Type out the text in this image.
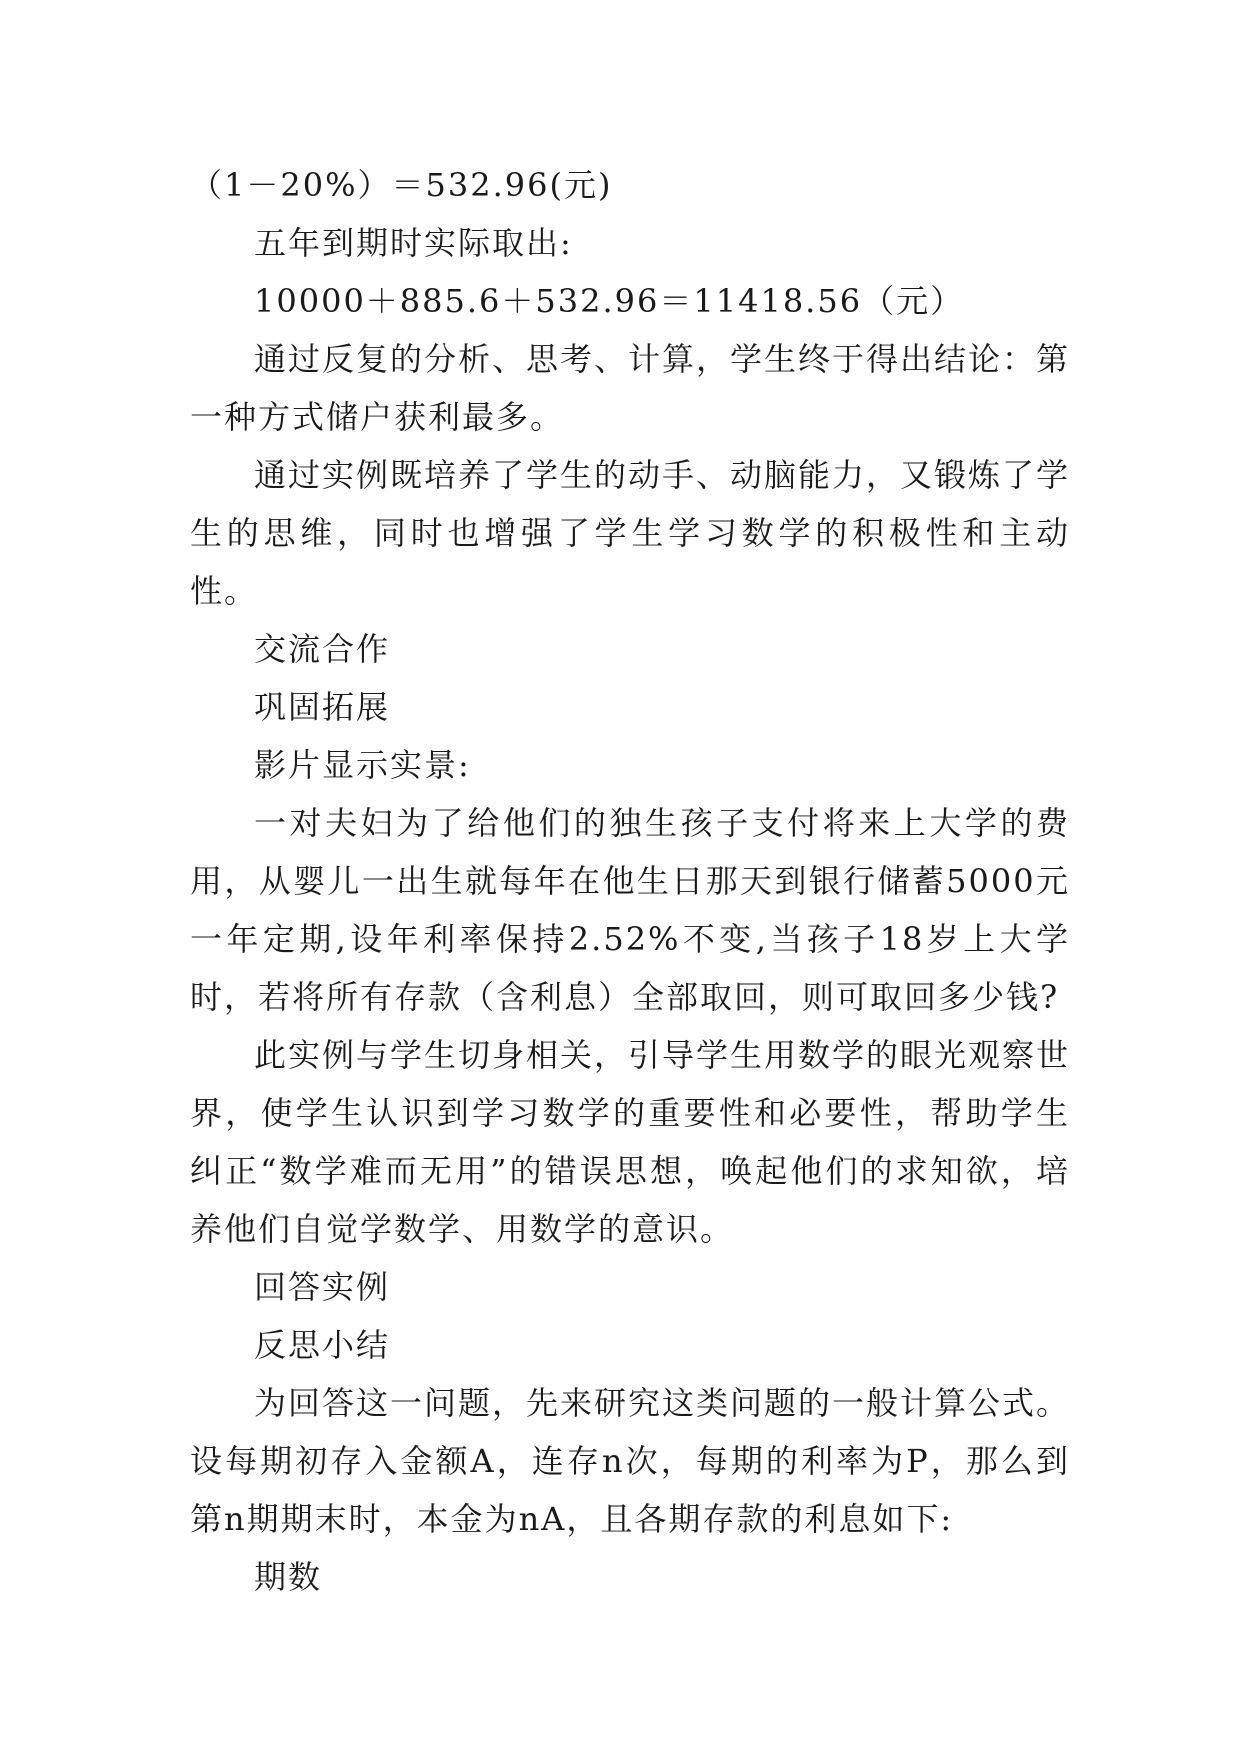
（1－20%）＝532.96(元)

五年到期时实际取出:

10000＋885.6＋532.96＝11418.56（元）

通过反复的分析、思考、计算，学生终于得出结论：第一种方式储户获利最多。

通过实例既培养了学生的动手、动脑能力，又锻炼了学生的思维，同时也增强了学生学习数学的积极性和主动性。

交流合作

巩固拓展

影片显示实景:

一对夫妇为了给他们的独生孩子支付将来上大学的费用，从婴儿一出生就每年在他生日那天到银行储蓄5000元一年定期,设年利率保持2.52%不变,当孩子18岁上大学时，若将所有存款（含利息）全部取回，则可取回多少钱?

此实例与学生切身相关，引导学生用数学的眼光观察世界，使学生认识到学习数学的重要性和必要性，帮助学生纠正“数学难而无用”的错误思想，唤起他们的求知欲，培养他们自觉学数学、用数学的意识。

回答实例

反思小结

为回答这一问题，先来研究这类问题的一般计算公式。设每期初存入金额A，连存n次，每期的利率为P，那么到第n期期末时，本金为nA，且各期存款的利息如下:

期数
